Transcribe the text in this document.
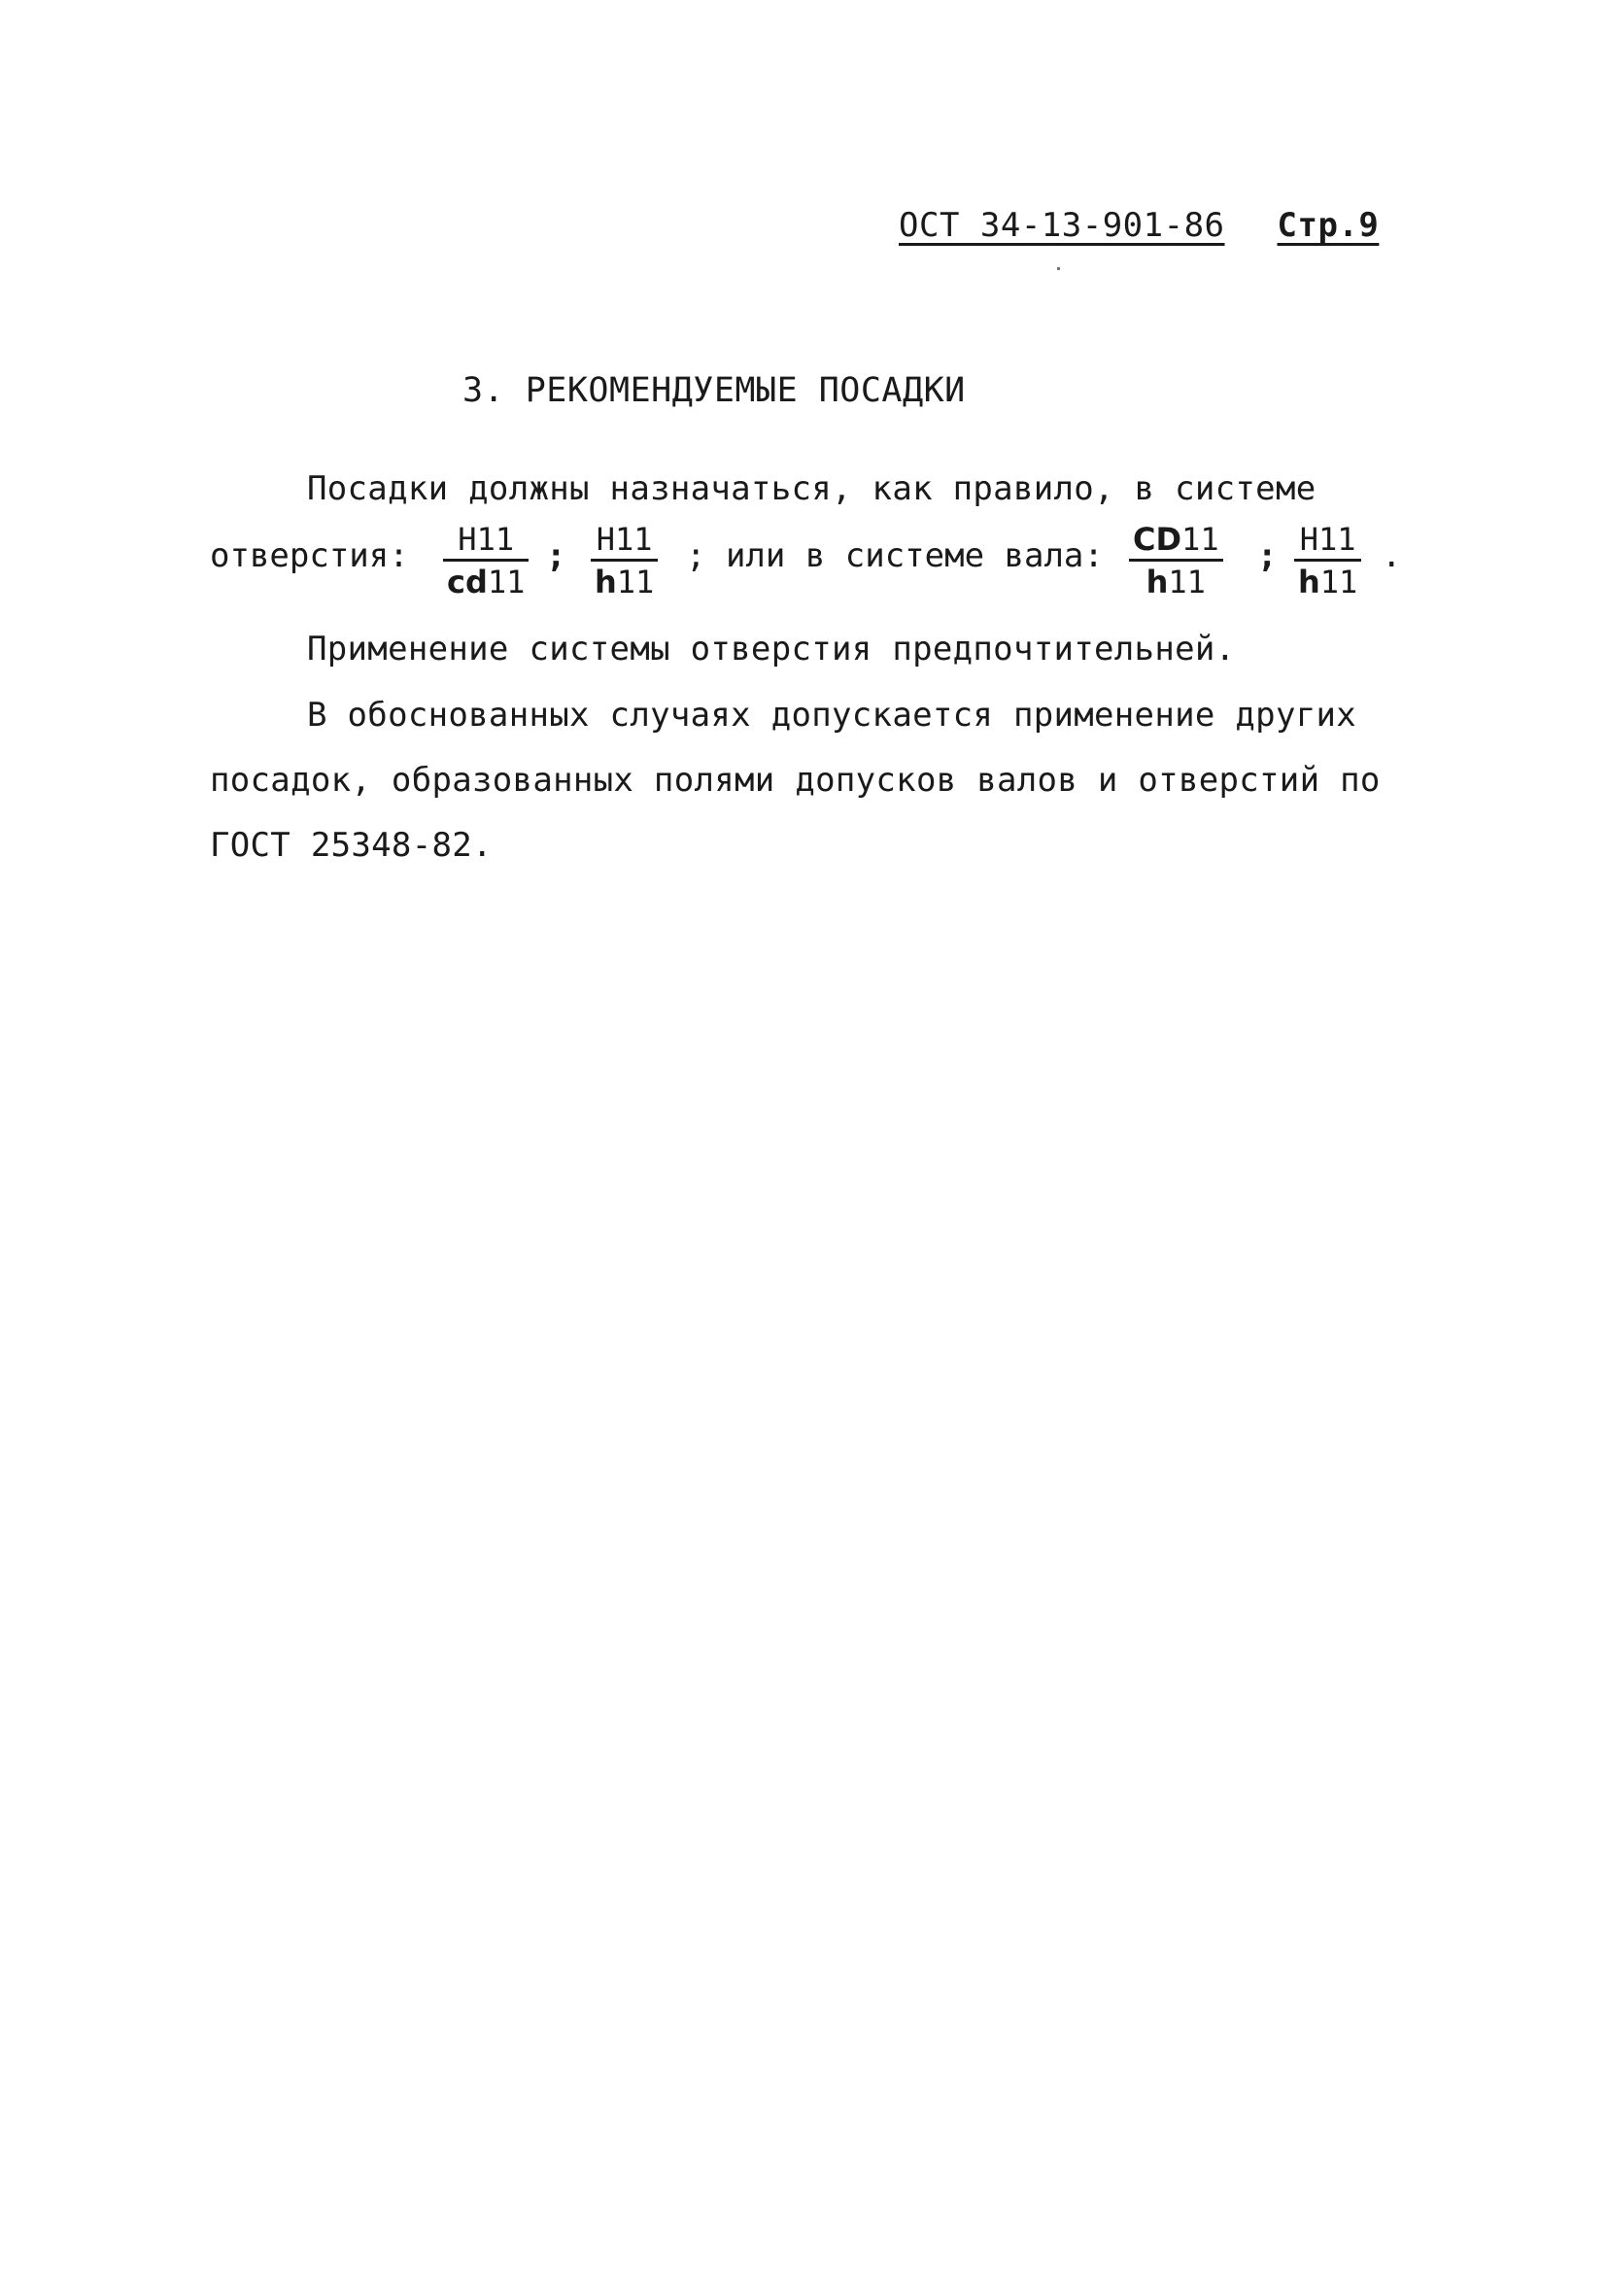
ОСТ 34-13-901-86 Стр.9
3. РЕКОМЕНДУЕМЫЕ ПОСАДКИ
Посадки должны назначаться, как правило, в системе
отверстия:	H11
cd11
; H11
h11
; или в системе вала: CD11
h11
; H11
h11
.
Применение системы отверстия предпочтительней.
В обоснованных случаях допускается применение других
посадок, образованных полями допусков валов и отверстий по
ГОСТ 25348-82.
